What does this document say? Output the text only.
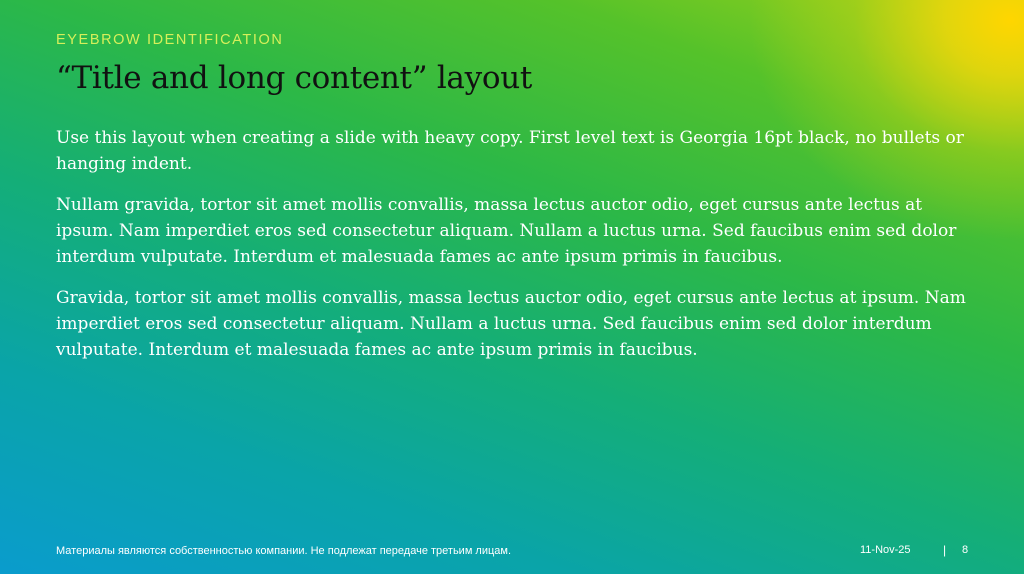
EYEBROW IDENTIFICATION
“Title and long content” layout

Use this layout when creating a slide with heavy copy. First level text is Georgia 16pt black, no bullets or hanging indent.

Nullam gravida, tortor sit amet mollis convallis, massa lectus auctor odio, eget cursus ante lectus at ipsum. Nam imperdiet eros sed consectetur aliquam. Nullam a luctus urna. Sed faucibus enim sed dolor interdum vulputate. Interdum et malesuada fames ac ante ipsum primis in faucibus.

Gravida, tortor sit amet mollis convallis, massa lectus auctor odio, eget cursus ante lectus at ipsum. Nam imperdiet eros sed consectetur aliquam. Nullam a luctus urna. Sed faucibus enim sed dolor interdum vulputate. Interdum et malesuada fames ac ante ipsum primis in faucibus.

Материалы являются собственностью компании. Не подлежат передаче третьим лицам.	11-Nov-25	| 8
